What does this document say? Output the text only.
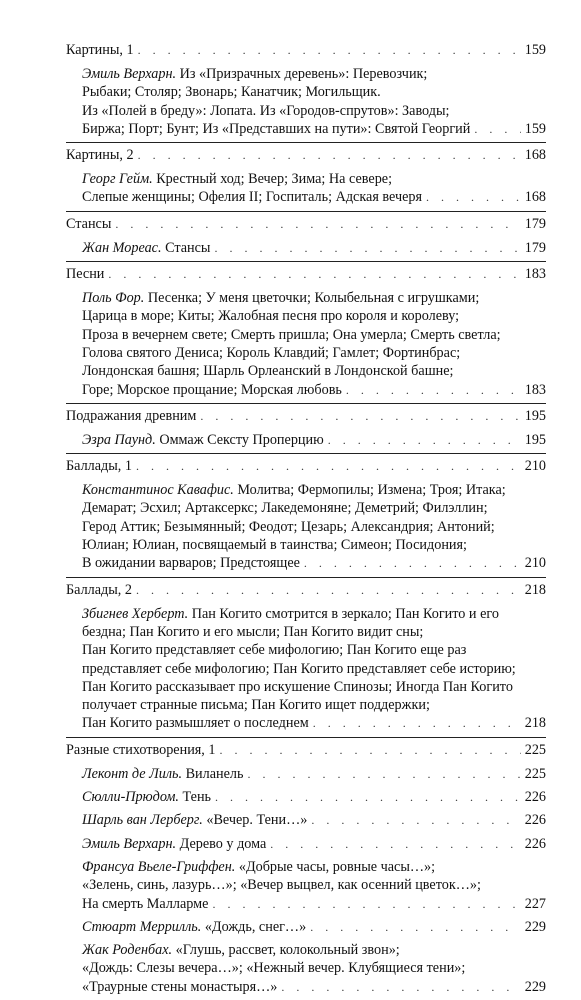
Картины, 1 . . .	159
Эмиль Верхарн. Из «Призрачных деревень»: Перевозчик;
Рыбаки; Столяр; Звонарь; Канатчик; Могильщик.
Из «Полей в бреду»: Лопата. Из «Городов-спрутов»: Заводы;
Биржа; Порт; Бунт; Из «Представших на пути»: Святой Георгий . . .	159
Картины, 2 . . .	168
Георг Гейм. Крестный ход; Вечер; Зима; На севере;
Слепые женщины; Офелия II; Госпиталь; Адская вечеря . . .	168
Стансы . . .	179
Жан Мореас. Стансы . . .	179
Песни . . .	183
Поль Фор. Песенка; У меня цветочки; Колыбельная с игрушками;
Царица в море; Киты; Жалобная песня про короля и королеву;
Проза в вечернем свете; Смерть пришла; Она умерла; Смерть светла;
Голова святого Дениса; Король Клавдий; Гамлет; Фортинбрас;
Лондонская башня; Шарль Орлеанский в Лондонской башне;
Горе; Морское прощание; Морская любовь . . .	183
Подражания древним . . .	195
Эзра Паунд. Оммаж Сексту Проперцию . . .	195
Баллады, 1 . . .	210
Константинос Кавафис. Молитва; Фермопилы; Измена; Троя; Итака;
Демарат; Эсхил; Артаксеркс; Лакедемоняне; Деметрий; Филэллин;
Герод Аттик; Безымянный; Феодот; Цезарь; Александрия; Антоний;
Юлиан; Юлиан, посвящаемый в таинства; Симеон; Посидония;
В ожидании варваров; Предстоящее . . .	210
Баллады, 2 . . .	218
Збигнев Херберт. Пан Когито смотрится в зеркало; Пан Когито и его
бездна; Пан Когито и его мысли; Пан Когито видит сны;
Пан Когито представляет себе мифологию; Пан Когито еще раз
представляет себе мифологию; Пан Когито представляет себе историю;
Пан Когито рассказывает про искушение Спинозы; Иногда Пан Когито
получает странные письма; Пан Когито ищет поддержки;
Пан Когито размышляет о последнем . . .	218
Разные стихотворения, 1 . . .	225
Леконт де Лиль. Виланель . . .	225
Сюлли-Прюдом. Тень . . .	226
Шарль ван Лерберг. «Вечер. Тени…» . . .	226
Эмиль Верхарн. Дерево у дома . . .	226
Франсуа Вьеле-Гриффен. «Добрые часы, ровные часы…»;
«Зелень, синь, лазурь…»; «Вечер выцвел, как осенний цветок…»;
На смерть Малларме . . .	227
Стюарт Меррилль. «Дождь, снег…» . . .	229
Жак Роденбах. «Глушь, рассвет, колокольный звон»;
«Дождь: Слезы вечера…»; «Нежный вечер. Клубящиеся тени»;
«Траурные стены монастыря…» . . .	229
